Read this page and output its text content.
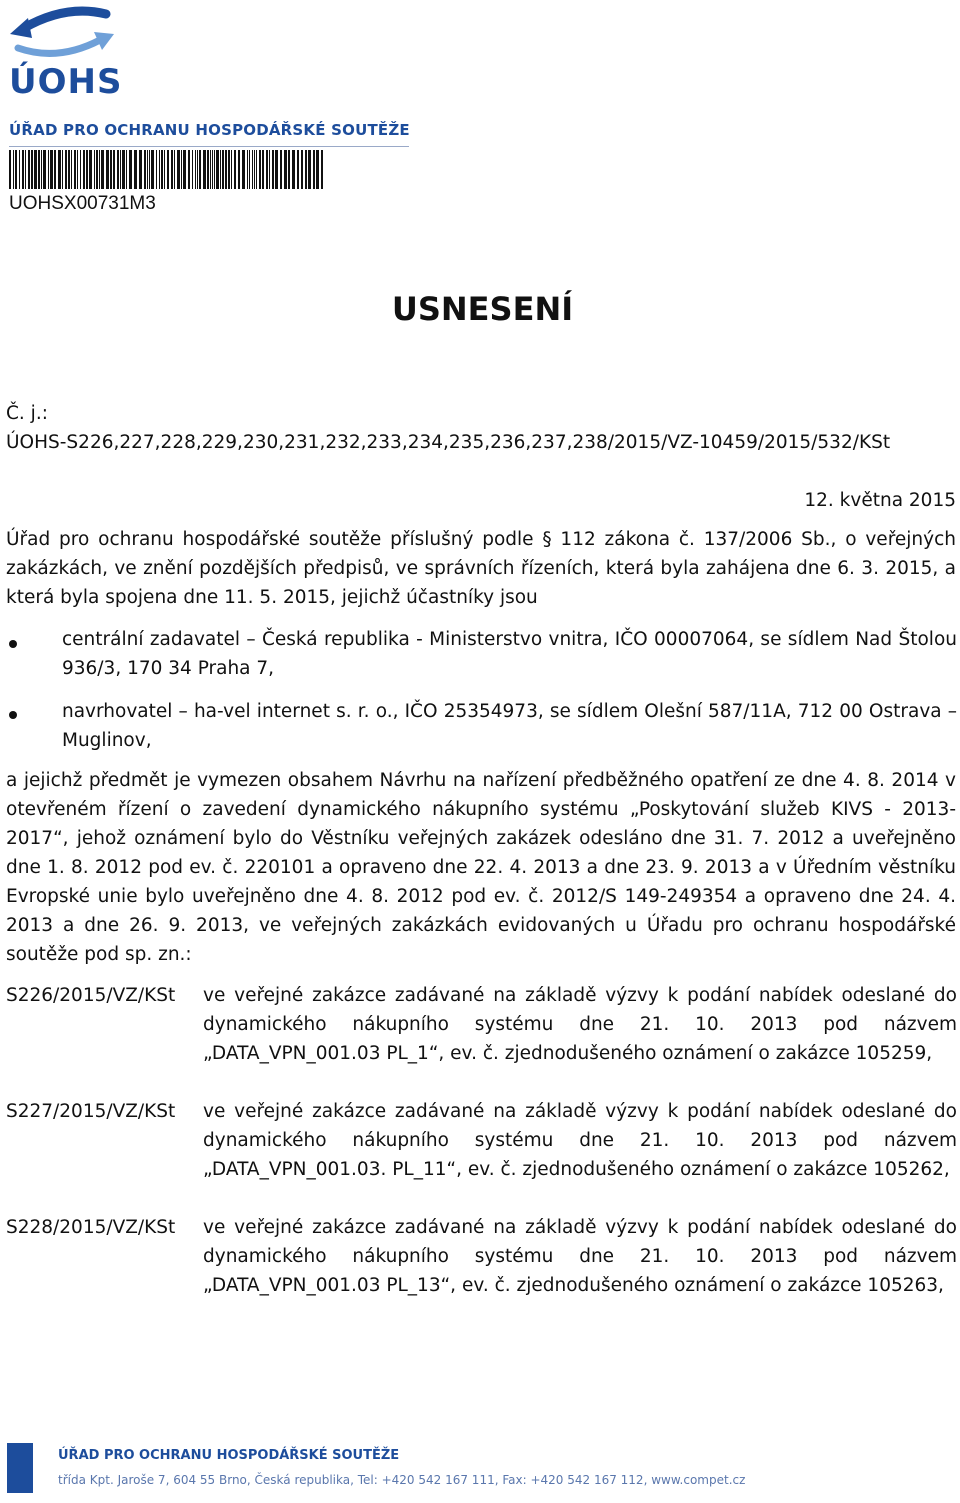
ÚOHS
ÚŘAD PRO OCHRANU HOSPODÁŘSKÉ SOUTĚŽE
UOHSX00731M3
USNESENÍ
Č. j.:
ÚOHS-S226,227,228,229,230,231,232,233,234,235,236,237,238/2015/VZ-10459/2015/532/KSt
12. května 2015
Úřad pro ochranu hospodářské soutěže příslušný podle § 112 zákona č. 137/2006 Sb., o veřejných zakázkách, ve znění pozdějších předpisů, ve správních řízeních, která byla zahájena dne 6. 3. 2015, a která byla spojena dne 11. 5. 2015, jejichž účastníky jsou
centrální zadavatel – Česká republika - Ministerstvo vnitra, IČO 00007064, se sídlem Nad Štolou 936/3, 170 34 Praha 7,
navrhovatel – ha-vel internet s. r. o., IČO 25354973, se sídlem Olešní 587/11A, 712 00 Ostrava – Muglinov,
a jejichž předmět je vymezen obsahem Návrhu na nařízení předběžného opatření ze dne 4. 8. 2014 v otevřeném řízení o zavedení dynamického nákupního systému „Poskytování služeb KIVS - 2013-2017“, jehož oznámení bylo do Věstníku veřejných zakázek odesláno dne 31. 7. 2012 a uveřejněno dne 1. 8. 2012 pod ev. č. 220101 a opraveno dne 22. 4. 2013 a dne 23. 9. 2013 a v Úředním věstníku Evropské unie bylo uveřejněno dne 4. 8. 2012 pod ev. č. 2012/S 149-249354 a opraveno dne 24. 4. 2013 a dne 26. 9. 2013, ve veřejných zakázkách evidovaných u Úřadu pro ochranu hospodářské soutěže pod sp. zn.:
S226/2015/VZ/KSt ve veřejné zakázce zadávané na základě výzvy k podání nabídek odeslané do dynamického nákupního systému dne 21. 10. 2013 pod názvem „DATA_VPN_001.03 PL_1“, ev. č. zjednodušeného oznámení o zakázce 105259,
S227/2015/VZ/KSt ve veřejné zakázce zadávané na základě výzvy k podání nabídek odeslané do dynamického nákupního systému dne 21. 10. 2013 pod názvem „DATA_VPN_001.03. PL_11“, ev. č. zjednodušeného oznámení o zakázce 105262,
S228/2015/VZ/KSt ve veřejné zakázce zadávané na základě výzvy k podání nabídek odeslané do dynamického nákupního systému dne 21. 10. 2013 pod názvem „DATA_VPN_001.03 PL_13“, ev. č. zjednodušeného oznámení o zakázce 105263,
ÚŘAD PRO OCHRANU HOSPODÁŘSKÉ SOUTĚŽE
třída Kpt. Jaroše 7, 604 55 Brno, Česká republika, Tel: +420 542 167 111, Fax: +420 542 167 112, www.compet.cz
